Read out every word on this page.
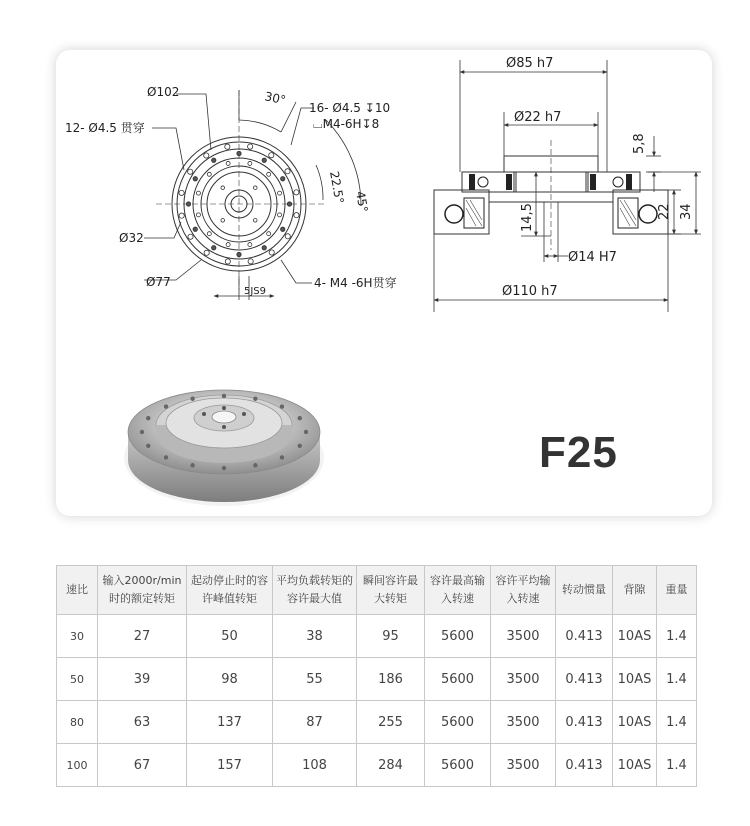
Ø102
12- Ø4.5 贯穿
30°
16- Ø4.5 ↧10
⌴M4-6H↧8
22.5° 45°
Ø32
Ø77	4- M4 -6H贯穿
5JS9
Ø85 h7
Ø22 h7
5,8
14,5	22 34
Ø14 H7
Ø110 h7
F25
速比	输入2000r/min时的额定转矩	起动停止时的容许峰值转矩	平均负载转矩的容许最大值	瞬间容许最大转矩	容许最高输入转速	容许平均输入转速	转动惯量	背隙	重量
30	27	50	38	95	5600	3500	0.413	10AS	1.4
50	39	98	55	186	5600	3500	0.413	10AS	1.4
80	63	137	87	255	5600	3500	0.413	10AS	1.4
100	67	157	108	284	5600	3500	0.413	10AS	1.4
